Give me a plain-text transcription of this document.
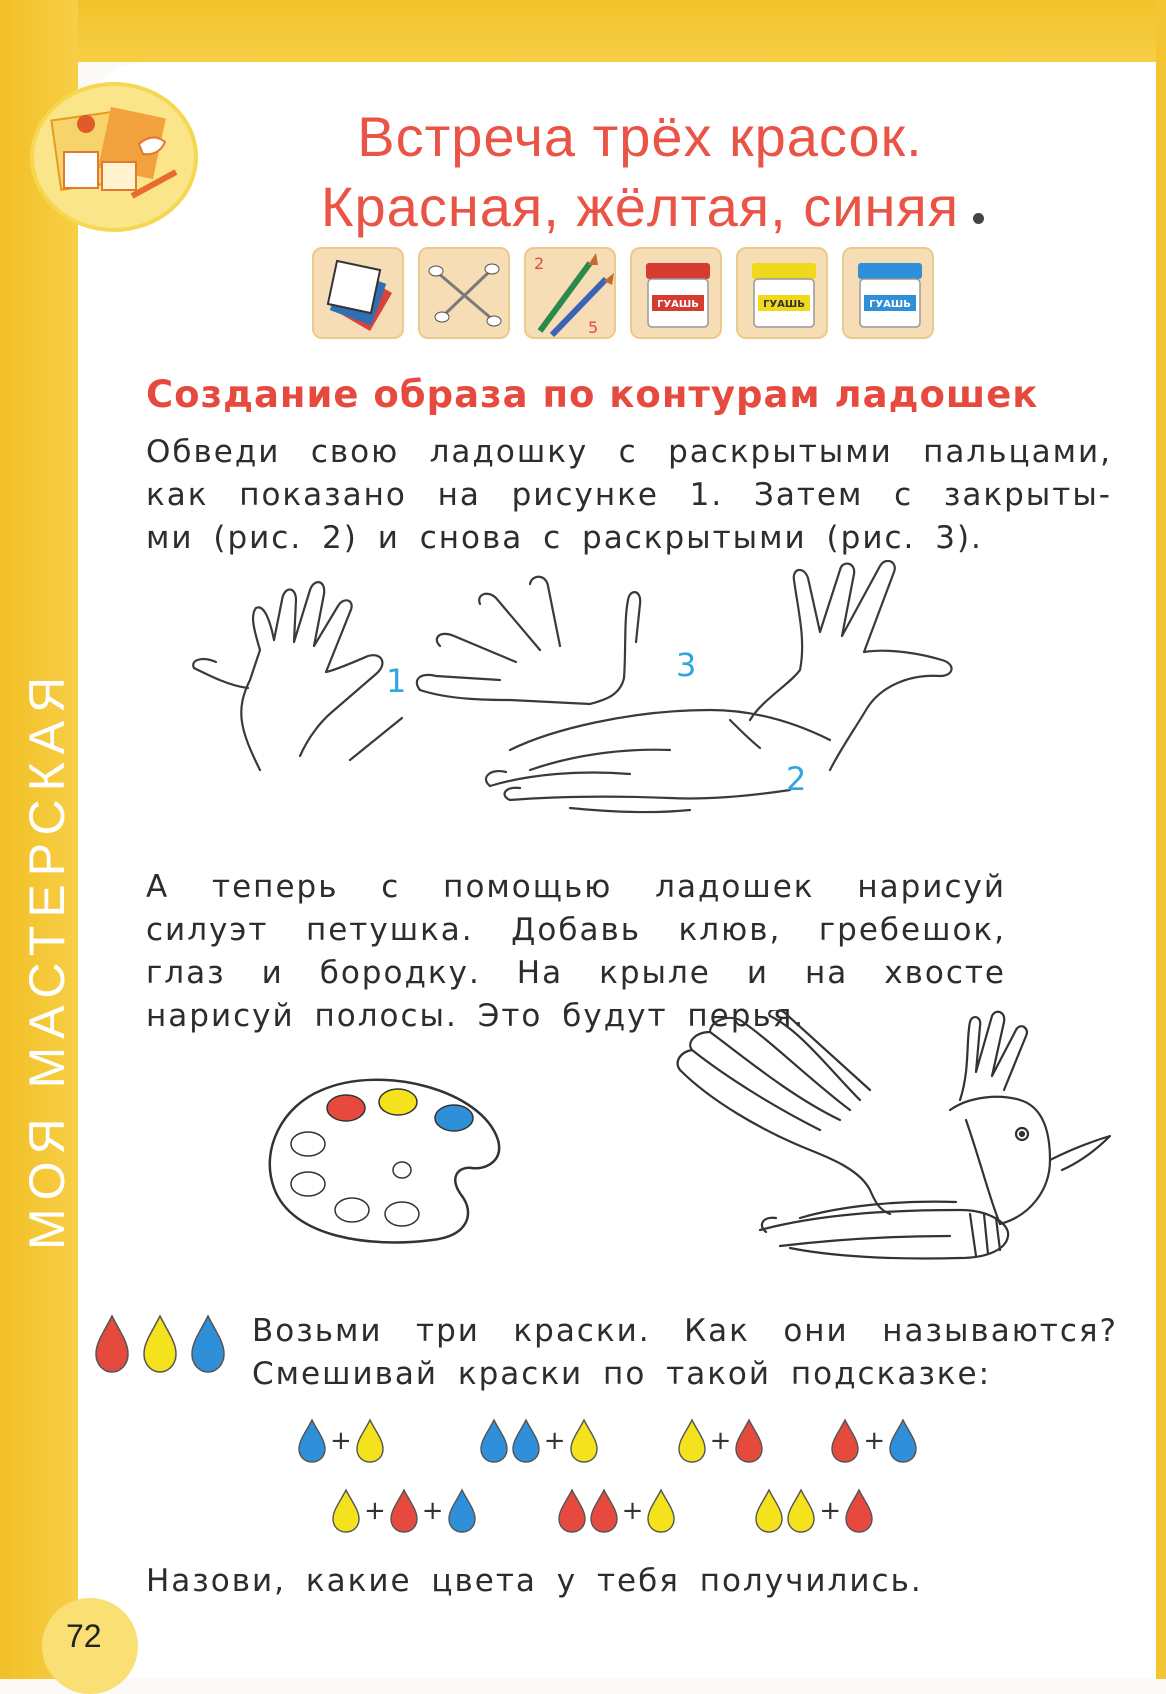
МОЯ МАСТЕРСКАЯ
Встреча трёх красок.
Красная, жёлтая, синяя
2
5
ГУАШЬ	ГУАШЬ	ГУАШЬ
Создание образа по контурам ладошек
Обведи свою ладошку с раскрытыми пальцами,
как показано на рисунке 1. Затем с закрыты-
ми (рис. 2) и снова с раскрытыми (рис. 3).
1
2
3
А теперь с помощью ладошек нарисуй
силуэт петушка. Добавь клюв, гребешок,
глаз и бородку. На крыле и на хвосте
нарисуй полосы. Это будут перья.
Возьми три краски. Как они называются?
Смешивай краски по такой подсказке:
+	+	+	+
+ +	+	+
Назови, какие цвета у тебя получились.
72
